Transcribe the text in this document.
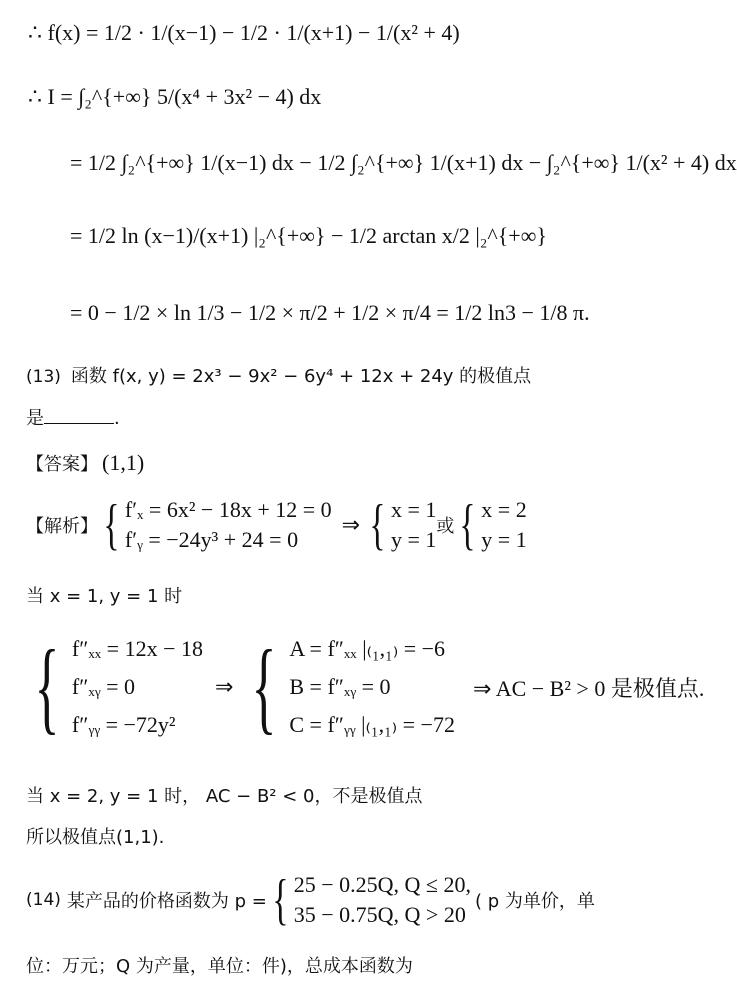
∴ f(x) = 1/2 · 1/(x−1) − 1/2 · 1/(x+1) − 1/(x² + 4)
∴ I = ∫₂^{+∞} 5/(x⁴ + 3x² − 4) dx
= 1/2 ∫₂^{+∞} 1/(x−1) dx − 1/2 ∫₂^{+∞} 1/(x+1) dx − ∫₂^{+∞} 1/(x² + 4) dx
= 1/2 ln (x−1)/(x+1) |₂^{+∞} − 1/2 arctan x/2 |₂^{+∞}
= 0 − 1/2 × ln 1/3 − 1/2 × π/2 + 1/2 × π/4 = 1/2 ln3 − 1/8 π.
(13) 函数 f(x, y) = 2x³ − 9x² − 6y⁴ + 12x + 24y 的极值点
是	.
【答案】 (1,1)
【解析】 { f′ₓ = 6x² − 18x + 12 = 0
f′ᵧ = −24y³ + 24 = 0
⇒ { x = 1
y = 1
或 { x = 2
y = 1
当 x = 1, y = 1 时
{ f″ₓₓ = 12x − 18
f″ₓᵧ = 0
f″ᵧᵧ = −72y²
⇒ { A = f″ₓₓ |₍₁,₁₎ = −6
B = f″ₓᵧ = 0
C = f″ᵧᵧ |₍₁,₁₎ = −72
⇒ AC − B² > 0 是极值点.
当 x = 2, y = 1 时， AC − B² < 0，不是极值点
所以极值点(1,1).
(14) 某产品的价格函数为 p = { 25 − 0.25Q, Q ≤ 20,
35 − 0.75Q, Q > 20
( p 为单价，单
位：万元；Q 为产量，单位：件)，总成本函数为
